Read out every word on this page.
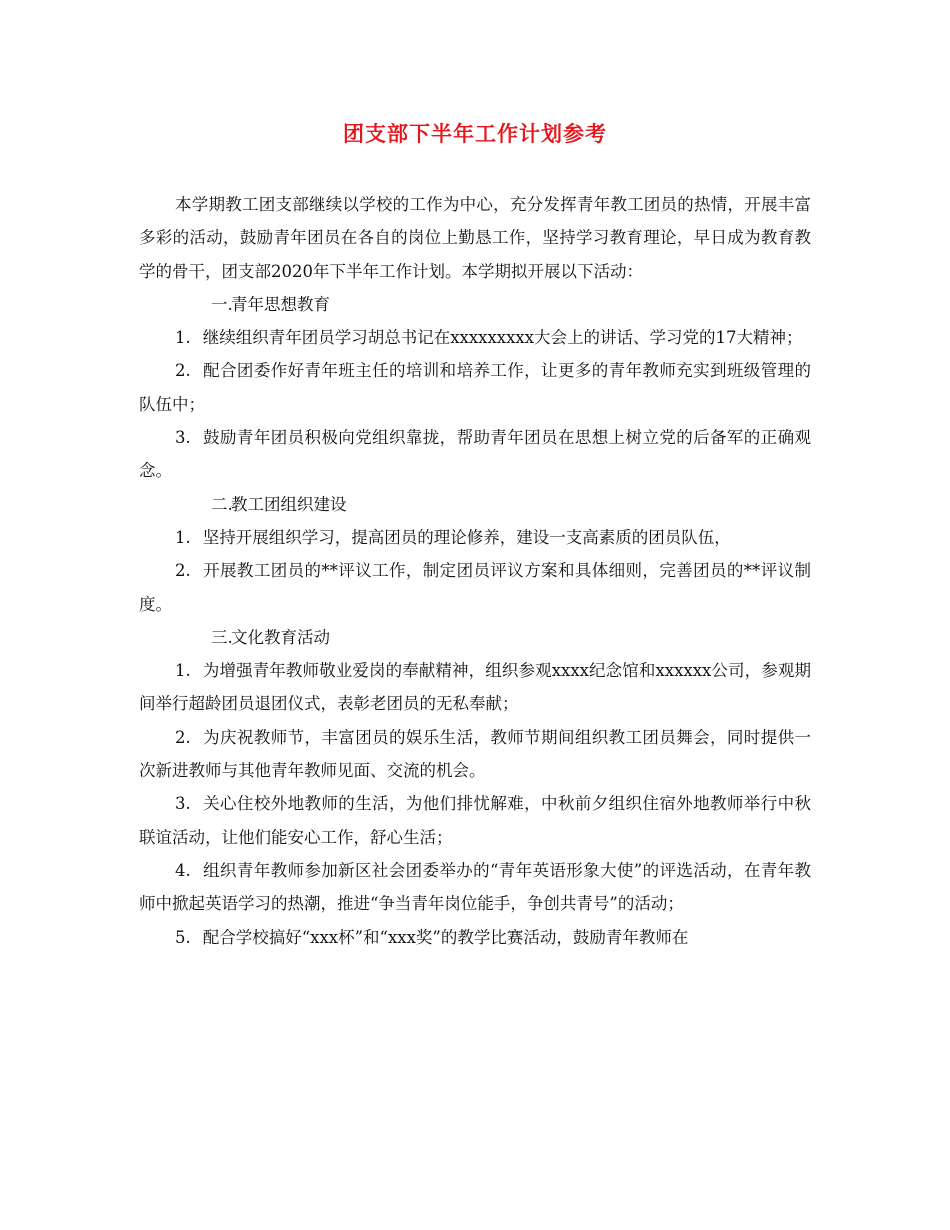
团支部下半年工作计划参考

本学期教工团支部继续以学校的工作为中心，充分发挥青年教工团员的热情，开展丰富多彩的活动，鼓励青年团员在各自的岗位上勤恳工作，坚持学习教育理论，早日成为教育教学的骨干，团支部2020年下半年工作计划。本学期拟开展以下活动：

一.青年思想教育

1. 继续组织青年团员学习胡总书记在xxxxxxxxx大会上的讲话、学习党的17大精神；

2. 配合团委作好青年班主任的培训和培养工作，让更多的青年教师充实到班级管理的队伍中；

3. 鼓励青年团员积极向党组织靠拢，帮助青年团员在思想上树立党的后备军的正确观念。

二.教工团组织建设

1. 坚持开展组织学习，提高团员的理论修养，建设一支高素质的团员队伍，

2. 开展教工团员的**评议工作，制定团员评议方案和具体细则，完善团员的**评议制度。

三.文化教育活动

1. 为增强青年教师敬业爱岗的奉献精神，组织参观xxxx纪念馆和xxxxxx公司，参观期间举行超龄团员退团仪式，表彰老团员的无私奉献；

2. 为庆祝教师节，丰富团员的娱乐生活，教师节期间组织教工团员舞会，同时提供一次新进教师与其他青年教师见面、交流的机会。

3. 关心住校外地教师的生活，为他们排忧解难，中秋前夕组织住宿外地教师举行中秋联谊活动，让他们能安心工作，舒心生活；

4. 组织青年教师参加新区社会团委举办的“青年英语形象大使”的评选活动，在青年教师中掀起英语学习的热潮，推进“争当青年岗位能手，争创共青号”的活动；

5. 配合学校搞好“xxx杯”和“xxx奖”的教学比赛活动，鼓励青年教师在
